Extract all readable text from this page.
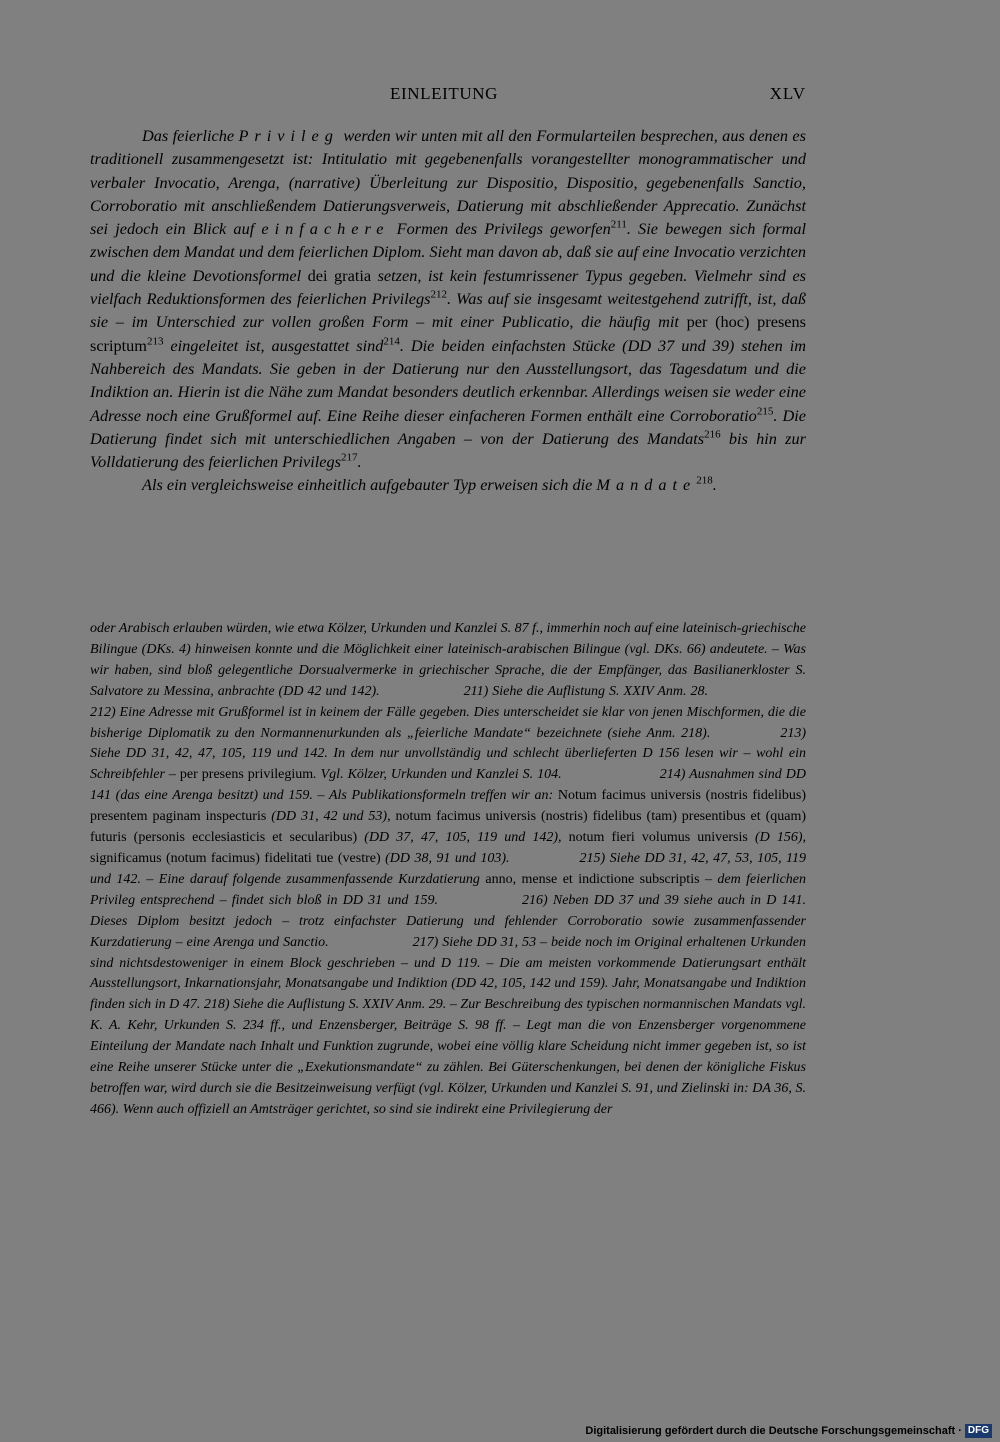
EINLEITUNG	XLV

Das feierliche Privileg werden wir unten mit all den Formularteilen besprechen, aus denen es traditionell zusammengesetzt ist: Intitulatio mit gegebenenfalls vorangestellter monogrammatischer und verbaler Invocatio, Arenga, (narrative) Überleitung zur Dispositio, Dispositio, gegebenenfalls Sanctio, Corroboratio mit anschließendem Datierungsverweis, Datierung mit abschließender Apprecatio. Zunächst sei jedoch ein Blick auf einfachere Formen des Privilegs geworfen$^{211}$. Sie bewegen sich formal zwischen dem Mandat und dem feierlichen Diplom. Sieht man davon ab, daß sie auf eine Invocatio verzichten und die kleine Devotionsformel dei gratia setzen, ist kein festumrissener Typus gegeben. Vielmehr sind es vielfach Reduktionsformen des feierlichen Privilegs$^{212}$. Was auf sie insgesamt weitestgehend zutrifft, ist, daß sie – im Unterschied zur vollen großen Form – mit einer Publicatio, die häufig mit per (hoc) presens scriptum$^{213}$ eingeleitet ist, ausgestattet sind$^{214}$. Die beiden einfachsten Stücke (DD 37 und 39) stehen im Nahbereich des Mandats. Sie geben in der Datierung nur den Ausstellungsort, das Tagesdatum und die Indiktion an. Hierin ist die Nähe zum Mandat besonders deutlich erkennbar. Allerdings weisen sie weder eine Adresse noch eine Grußformel auf. Eine Reihe dieser einfacheren Formen enthält eine Corroboratio$^{215}$. Die Datierung findet sich mit unterschiedlichen Angaben – von der Datierung des Mandats$^{216}$ bis hin zur Volldatierung des feierlichen Privilegs$^{217}$.

Als ein vergleichsweise einheitlich aufgebauter Typ erweisen sich die Mandate$^{218}$.

oder Arabisch erlauben würden, wie etwa Kölzer, Urkunden und Kanzlei S. 87 f., immerhin noch auf eine lateinisch-griechische Bilingue (DKs. 4) hinweisen konnte und die Möglichkeit einer lateinisch-arabischen Bilingue (vgl. DKs. 66) andeutete. – Was wir haben, sind bloß gelegentliche Dorsualvermerke in griechischer Sprache, die der Empfänger, das Basilianerkloster S. Salvatore zu Messina, anbrachte (DD 42 und 142).      	211) Siehe die Auflistung S. XXIV Anm. 28.       212) Eine Adresse mit Grußformel ist in keinem der Fälle gegeben. Dies unterscheidet sie klar von jenen Mischformen, die die bisherige Diplomatik zu den Normannenurkunden als „feierliche Mandate“ bezeichnete (siehe Anm. 218).     	213) Siehe DD 31, 42, 47, 105, 119 und 142. In dem nur unvollständig und schlecht überlieferten D 156 lesen wir – wohl ein Schreibfehler – per presens privilegium. Vgl. Kölzer, Urkunden und Kanzlei S. 104.       	214) Ausnahmen sind DD 141 (das eine Arenga besitzt) und 159. – Als Publikationsformeln treffen wir an: Notum facimus universis (nostris fidelibus) presentem paginam inspecturis (DD 31, 42 und 53), notum facimus universis (nostris) fidelibus (tam) presentibus et (quam) futuris (personis ecclesiasticis et secularibus) (DD 37, 47, 105, 119 und 142), notum fieri volumus universis (D 156), significamus (notum facimus) fidelitati tue (vestre) (DD 38, 91 und 103).     	215) Siehe DD 31, 42, 47, 53, 105, 119 und 142. – Eine darauf folgende zusammenfassende Kurzdatierung anno, mense et indictione subscriptis – dem feierlichen Privileg entsprechend – findet sich bloß in DD 31 und 159.      	216) Neben DD 37 und 39 siehe auch in D 141. Dieses Diplom besitzt jedoch – trotz einfachster Datierung und fehlender Corroboratio sowie zusammenfassender Kurzdatierung – eine Arenga und Sanctio.      	217) Siehe DD 31, 53 – beide noch im Original erhaltenen Urkunden sind nichtsdestoweniger in einem Block geschrieben – und D 119. – Die am meisten vorkommende Datierungsart enthält Ausstellungsort, Inkarnationsjahr, Monatsangabe und Indiktion (DD 42, 105, 142 und 159). Jahr, Monatsangabe und Indiktion finden sich in D 47. 218) Siehe die Auflistung S. XXIV Anm. 29. – Zur Beschreibung des typischen normannischen Mandats vgl. K. A. Kehr, Urkunden S. 234 ff., und Enzensberger, Beiträge S. 98 ff. – Legt man die von Enzensberger vorgenommene Einteilung der Mandate nach Inhalt und Funktion zugrunde, wobei eine völlig klare Scheidung nicht immer gegeben ist, so ist eine Reihe unserer Stücke unter die „Exekutionsmandate“ zu zählen. Bei Güterschenkungen, bei denen der königliche Fiskus betroffen war, wird durch sie die Besitzeinweisung verfügt (vgl. Kölzer, Urkunden und Kanzlei S. 91, und Zielinski in: DA 36, S. 466). Wenn auch offiziell an Amtsträger gerichtet, so sind sie indirekt eine Privilegierung der

Digitalisierung gefördert durch die Deutsche Forschungsgemeinschaft · DFG
